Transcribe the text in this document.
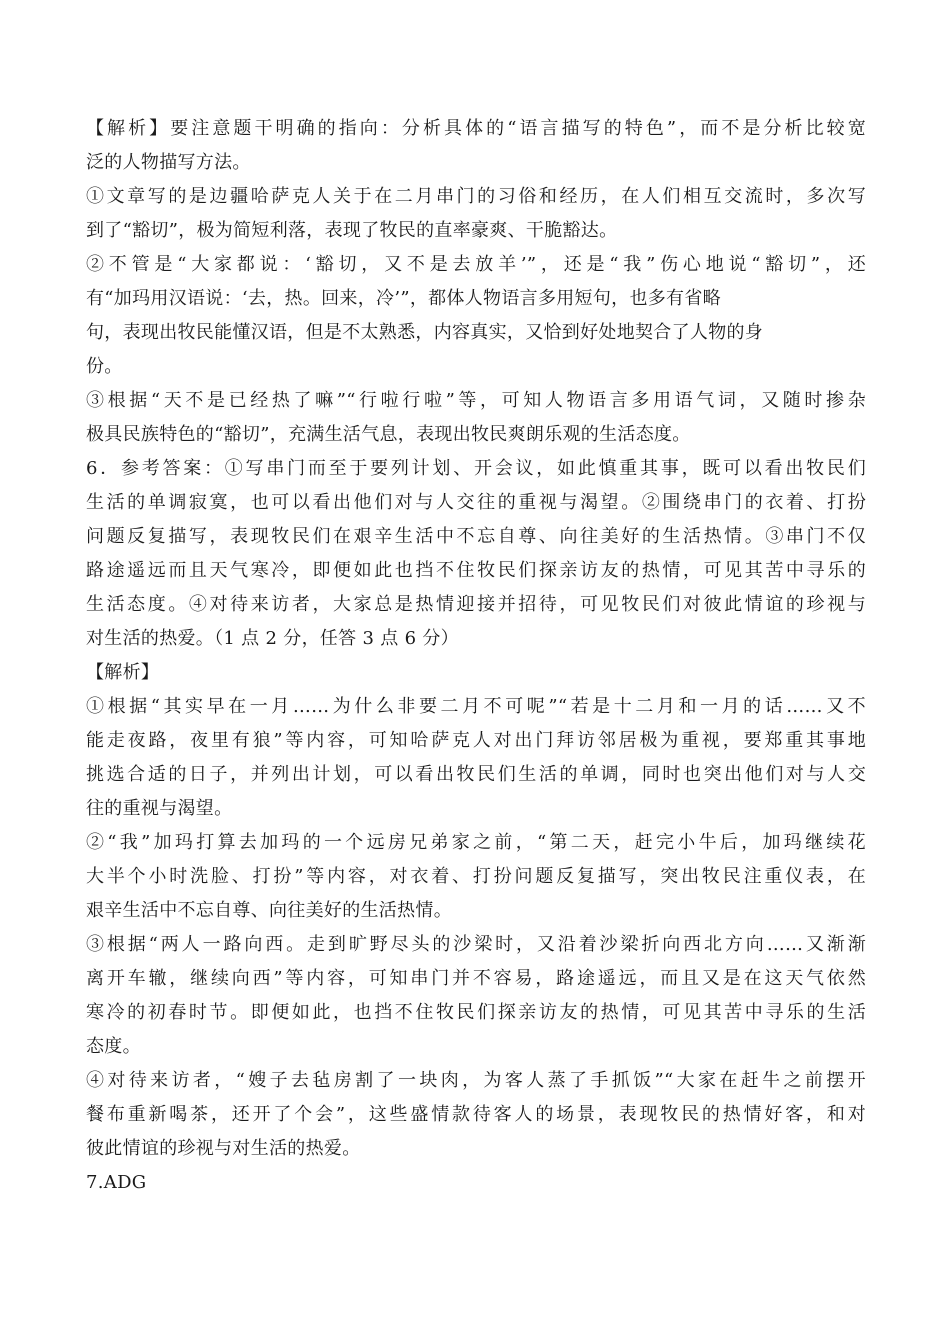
【解析】要注意题干明确的指向：分析具体的“语言描写的特色”，而不是分析比较宽
泛的人物描写方法。
①文章写的是边疆哈萨克人关于在二月串门的习俗和经历，在人们相互交流时，多次写
到了“豁切”，极为简短利落，表现了牧民的直率豪爽、干脆豁达。
②不管是“大家都说：‘豁切，又不是去放羊’”，还是“我”伤心地说“豁切”，还
有“加玛用汉语说：‘去，热。回来，冷’”，都体人物语言多用短句，也多有省略
句，表现出牧民能懂汉语，但是不太熟悉，内容真实，又恰到好处地契合了人物的身
份。
③根据“天不是已经热了嘛”“行啦行啦”等，可知人物语言多用语气词，又随时掺杂
极具民族特色的“豁切”，充满生活气息，表现出牧民爽朗乐观的生活态度。
6．参考答案：①写串门而至于要列计划、开会议，如此慎重其事，既可以看出牧民们
生活的单调寂寞，也可以看出他们对与人交往的重视与渴望。②围绕串门的衣着、打扮
问题反复描写，表现牧民们在艰辛生活中不忘自尊、向往美好的生活热情。③串门不仅
路途遥远而且天气寒冷，即便如此也挡不住牧民们探亲访友的热情，可见其苦中寻乐的
生活态度。④对待来访者，大家总是热情迎接并招待，可见牧民们对彼此情谊的珍视与
对生活的热爱。（1 点 2 分，任答 3 点 6 分）
【解析】
①根据“其实早在一月……为什么非要二月不可呢”“若是十二月和一月的话……又不
能走夜路，夜里有狼”等内容，可知哈萨克人对出门拜访邻居极为重视，要郑重其事地
挑选合适的日子，并列出计划，可以看出牧民们生活的单调，同时也突出他们对与人交
往的重视与渴望。
②“我”加玛打算去加玛的一个远房兄弟家之前，“第二天，赶完小牛后，加玛继续花
大半个小时洗脸、打扮”等内容，对衣着、打扮问题反复描写，突出牧民注重仪表，在
艰辛生活中不忘自尊、向往美好的生活热情。
③根据“两人一路向西。走到旷野尽头的沙梁时，又沿着沙梁折向西北方向……又渐渐
离开车辙，继续向西”等内容，可知串门并不容易，路途遥远，而且又是在这天气依然
寒冷的初春时节。即便如此，也挡不住牧民们探亲访友的热情，可见其苦中寻乐的生活
态度。
④对待来访者，“嫂子去毡房割了一块肉，为客人蒸了手抓饭”“大家在赶牛之前摆开
餐布重新喝茶，还开了个会”，这些盛情款待客人的场景，表现牧民的热情好客，和对
彼此情谊的珍视与对生活的热爱。
7.ADG
